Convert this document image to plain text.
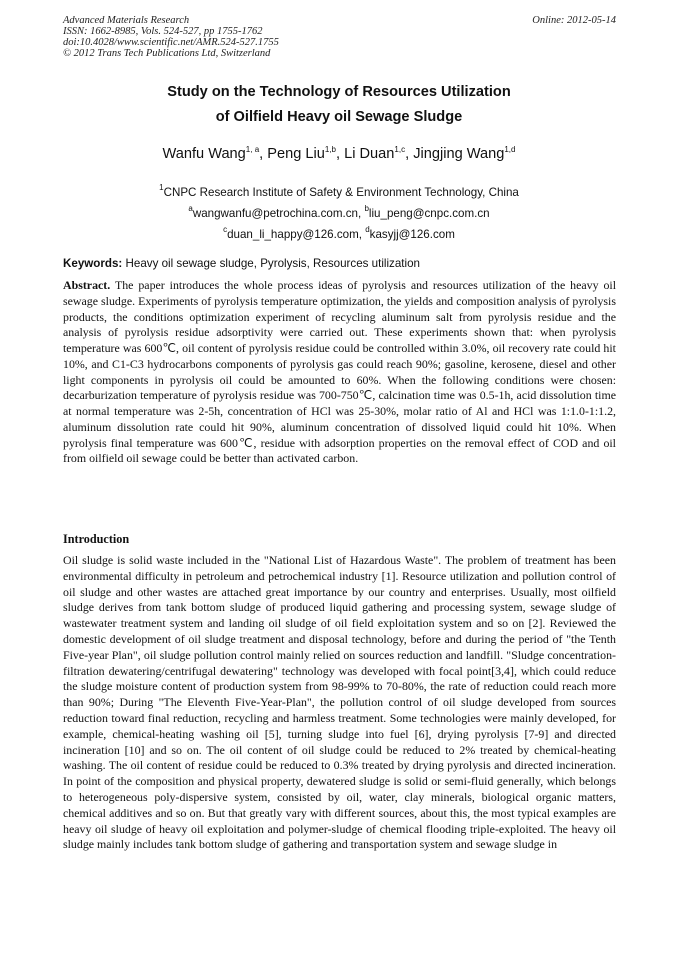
Advanced Materials Research
ISSN: 1662-8985, Vols. 524-527, pp 1755-1762
doi:10.4028/www.scientific.net/AMR.524-527.1755
© 2012 Trans Tech Publications Ltd, Switzerland
Online: 2012-05-14
Study on the Technology of Resources Utilization
of Oilfield Heavy oil Sewage Sludge
Wanfu Wang$^{1, a}$, Peng Liu$^{1,b}$, Li Duan$^{1,c}$, Jingjing Wang$^{1,d}$
$^1$CNPC Research Institute of Safety & Environment Technology, China
$^a$wangwanfu@petrochina.com.cn, $^b$liu_peng@cnpc.com.cn
$^c$duan_li_happy@126.com, $^d$kasyjj@126.com
Keywords: Heavy oil sewage sludge, Pyrolysis, Resources utilization

Abstract. The paper introduces the whole process ideas of pyrolysis and resources utilization of the heavy oil sewage sludge. Experiments of pyrolysis temperature optimization, the yields and composition analysis of pyrolysis products, the conditions optimization experiment of recycling aluminum salt from pyrolysis residue and the analysis of pyrolysis residue adsorptivity were carried out. These experiments shown that: when pyrolysis temperature was 600℃, oil content of pyrolysis residue could be controlled within 3.0%, oil recovery rate could hit 10%, and C1-C3 hydrocarbons components of pyrolysis gas could reach 90%; gasoline, kerosene, diesel and other light components in pyrolysis oil could be amounted to 60%. When the following conditions were chosen: decarburization temperature of pyrolysis residue was 700-750℃, calcination time was 0.5-1h, acid dissolution time at normal temperature was 2-5h, concentration of HCl was 25-30%, molar ratio of Al and HCl was 1:1.0-1:1.2, aluminum dissolution rate could hit 90%, aluminum concentration of dissolved liquid could hit 10%. When pyrolysis final temperature was 600℃, residue with adsorption properties on the removal effect of COD and oil from oilfield oil sewage could be better than activated carbon.

Introduction

Oil sludge is solid waste included in the "National List of Hazardous Waste". The problem of treatment has been environmental difficulty in petroleum and petrochemical industry [1]. Resource utilization and pollution control of oil sludge and other wastes are attached great importance by our country and enterprises. Usually, most oilfield sludge derives from tank bottom sludge of produced liquid gathering and processing system, sewage sludge of wastewater treatment system and landing oil sludge of oil field exploitation system and so on [2]. Reviewed the domestic development of oil sludge treatment and disposal technology, before and during the period of "the Tenth Five-year Plan", oil sludge pollution control mainly relied on sources reduction and landfill. "Sludge concentration-filtration dewatering/centrifugal dewatering" technology was developed with focal point[3,4], which could reduce the sludge moisture content of production system from 98-99% to 70-80%, the rate of reduction could reach more than 90%; During "The Eleventh Five-Year-Plan", the pollution control of oil sludge developed from sources reduction toward final reduction, recycling and harmless treatment. Some technologies were mainly developed, for example, chemical-heating washing oil [5], turning sludge into fuel [6], drying pyrolysis [7-9] and directed incineration [10] and so on. The oil content of oil sludge could be reduced to 2% treated by chemical-heating washing. The oil content of residue could be reduced to 0.3% treated by drying pyrolysis and directed incineration. In point of the composition and physical property, dewatered sludge is solid or semi-fluid generally, which belongs to heterogeneous poly-dispersive system, consisted by oil, water, clay minerals, biological organic matters, chemical additives and so on. But that greatly vary with different sources, about this, the most typical examples are heavy oil sludge of heavy oil exploitation and polymer-sludge of chemical flooding triple-exploited. The heavy oil sludge mainly includes tank bottom sludge of gathering and transportation system and sewage sludge in
